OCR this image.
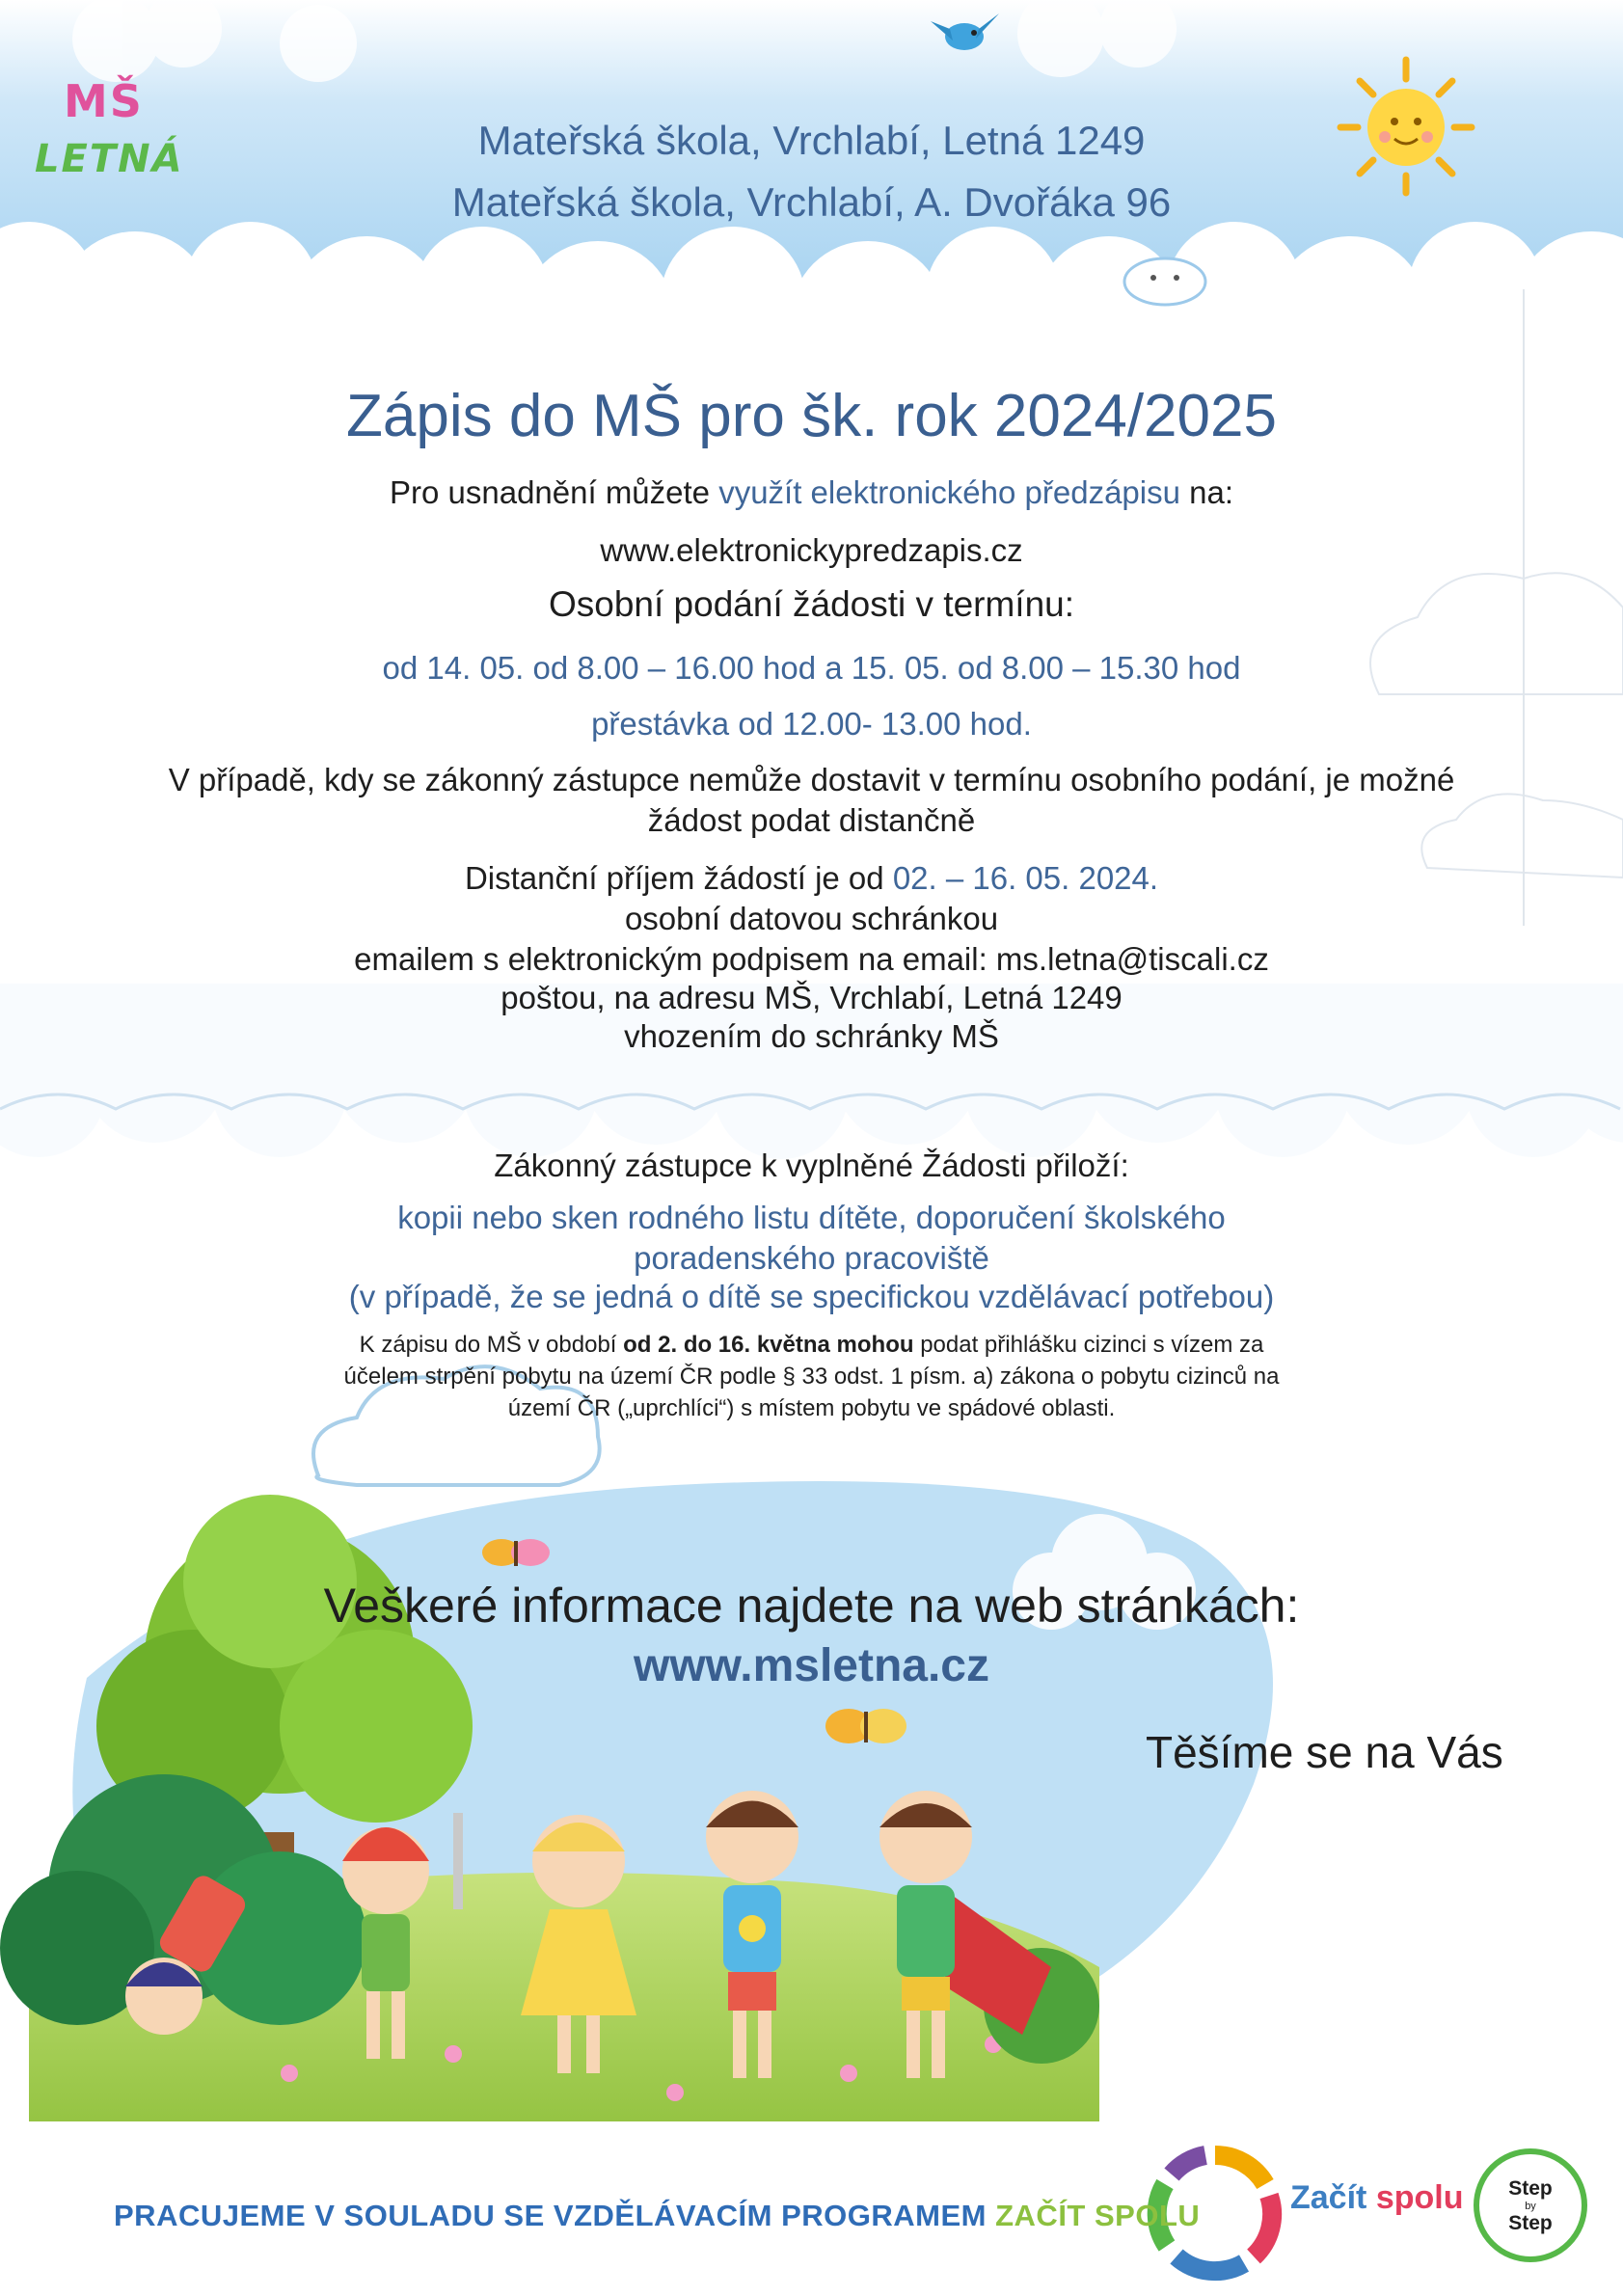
MŠ
LETNÁ	Mateřská škola, Vrchlabí, Letná 1249
Mateřská škola, Vrchlabí, A. Dvořáka 96
Zápis do MŠ pro šk. rok 2024/2025
Pro usnadnění můžete využít elektronického předzápisu na:
www.elektronickypredzapis.cz
Osobní podání žádosti v termínu:
od 14. 05. od 8.00 – 16.00 hod a 15. 05. od 8.00 – 15.30 hod
přestávka od 12.00- 13.00 hod.
V případě, kdy se zákonný zástupce nemůže dostavit v termínu osobního podání, je možné
žádost podat distančně
Distanční příjem žádostí je od 02. – 16. 05. 2024.
osobní datovou schránkou
emailem s elektronickým podpisem na email: ms.letna@tiscali.cz
poštou, na adresu MŠ, Vrchlabí, Letná 1249
vhozením do schránky MŠ
Zákonný zástupce k vyplněné Žádosti přiloží:
kopii nebo sken rodného listu dítěte, doporučení školského
poradenského pracoviště
(v případě, že se jedná o dítě se specifickou vzdělávací potřebou)
K zápisu do MŠ v období od 2. do 16. května mohou podat přihlášku cizinci s vízem za
účelem strpění pobytu na území ČR podle § 33 odst. 1 písm. a) zákona o pobytu cizinců na
území ČR („uprchlíci“) s místem pobytu ve spádové oblasti.
Veškeré informace najdete na web stránkách:
www.msletna.cz
Těšíme se na Vás
PRACUJEME V SOULADU SE VZDĚLÁVACÍM PROGRAMEM ZAČÍT SPOLU	Začít spolu	Step
by
Step
